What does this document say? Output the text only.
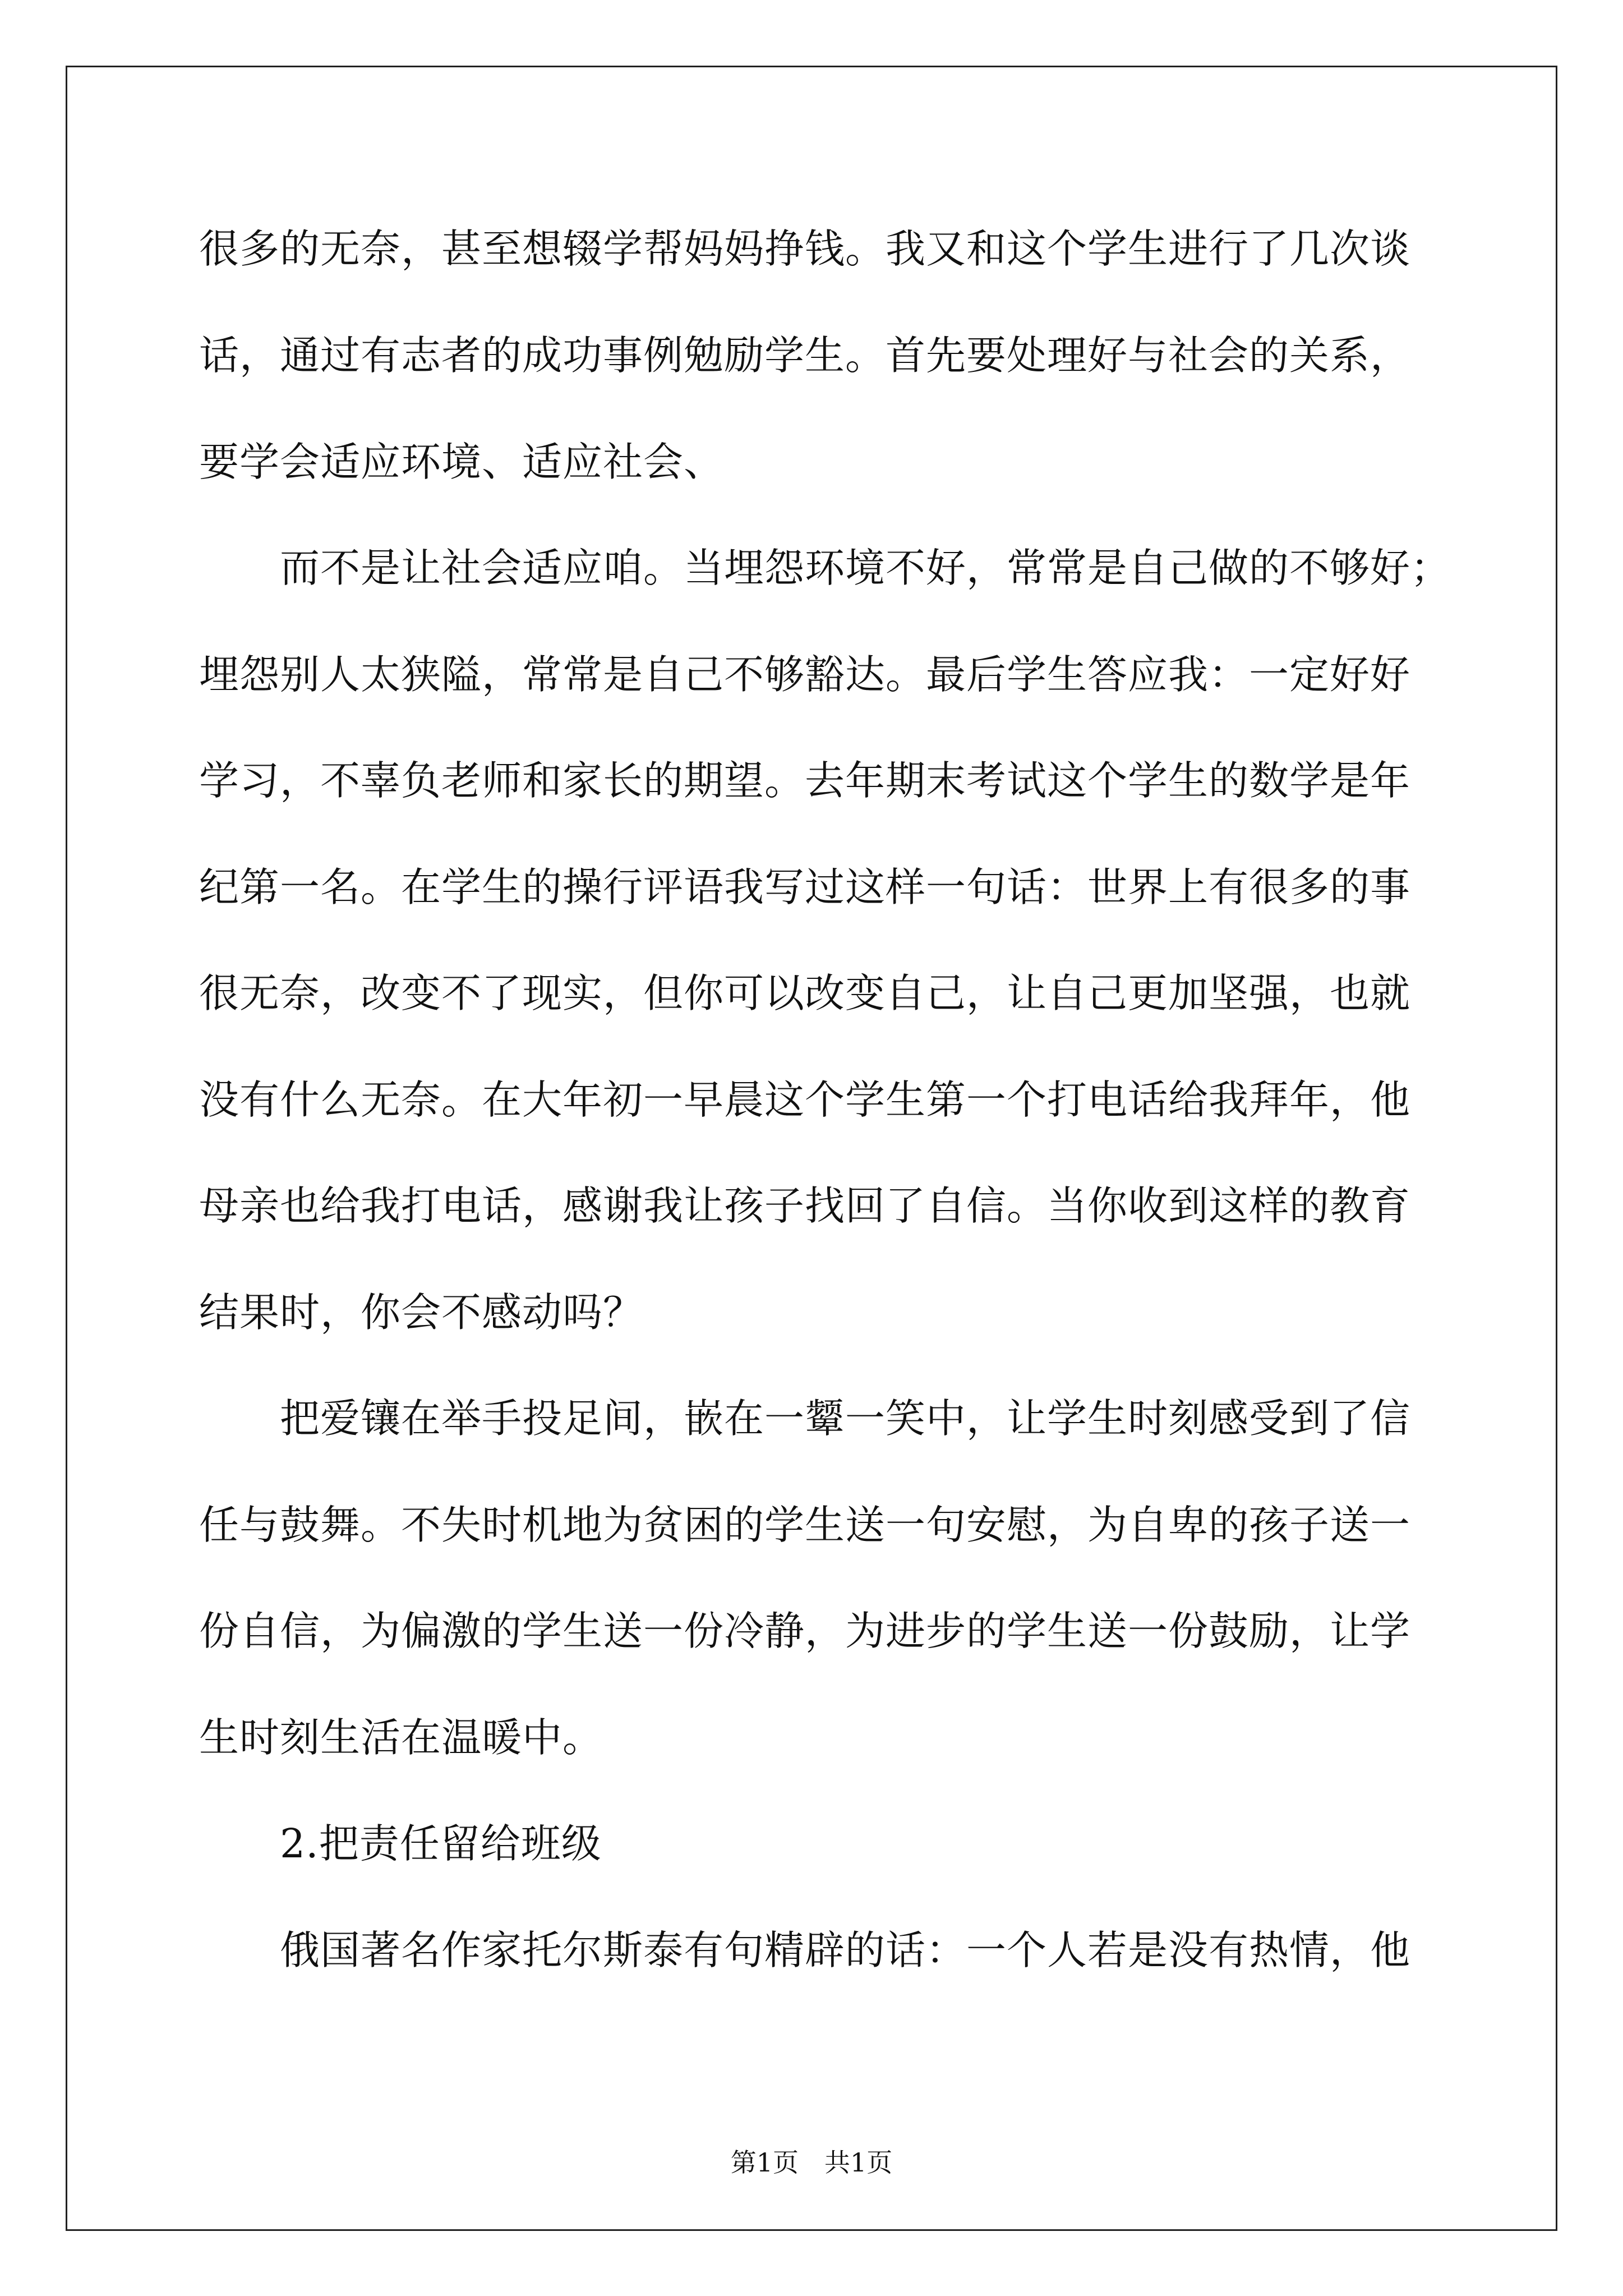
很多的无奈，甚至想辍学帮妈妈挣钱。我又和这个学生进行了几次谈

话，通过有志者的成功事例勉励学生。首先要处理好与社会的关系，

要学会适应环境、适应社会、

　　而不是让社会适应咱。当埋怨环境不好，常常是自己做的不够好；

埋怨别人太狭隘，常常是自己不够豁达。最后学生答应我：一定好好

学习，不辜负老师和家长的期望。去年期末考试这个学生的数学是年

纪第一名。在学生的操行评语我写过这样一句话：世界上有很多的事

很无奈，改变不了现实，但你可以改变自己，让自己更加坚强，也就

没有什么无奈。在大年初一早晨这个学生第一个打电话给我拜年，他

母亲也给我打电话，感谢我让孩子找回了自信。当你收到这样的教育

结果时，你会不感动吗？

　　把爱镶在举手投足间，嵌在一颦一笑中，让学生时刻感受到了信

任与鼓舞。不失时机地为贫困的学生送一句安慰，为自卑的孩子送一

份自信，为偏激的学生送一份冷静，为进步的学生送一份鼓励，让学

生时刻生活在温暖中。

　　2.把责任留给班级

　　俄国著名作家托尔斯泰有句精辟的话：一个人若是没有热情，他

第1页 共1页
